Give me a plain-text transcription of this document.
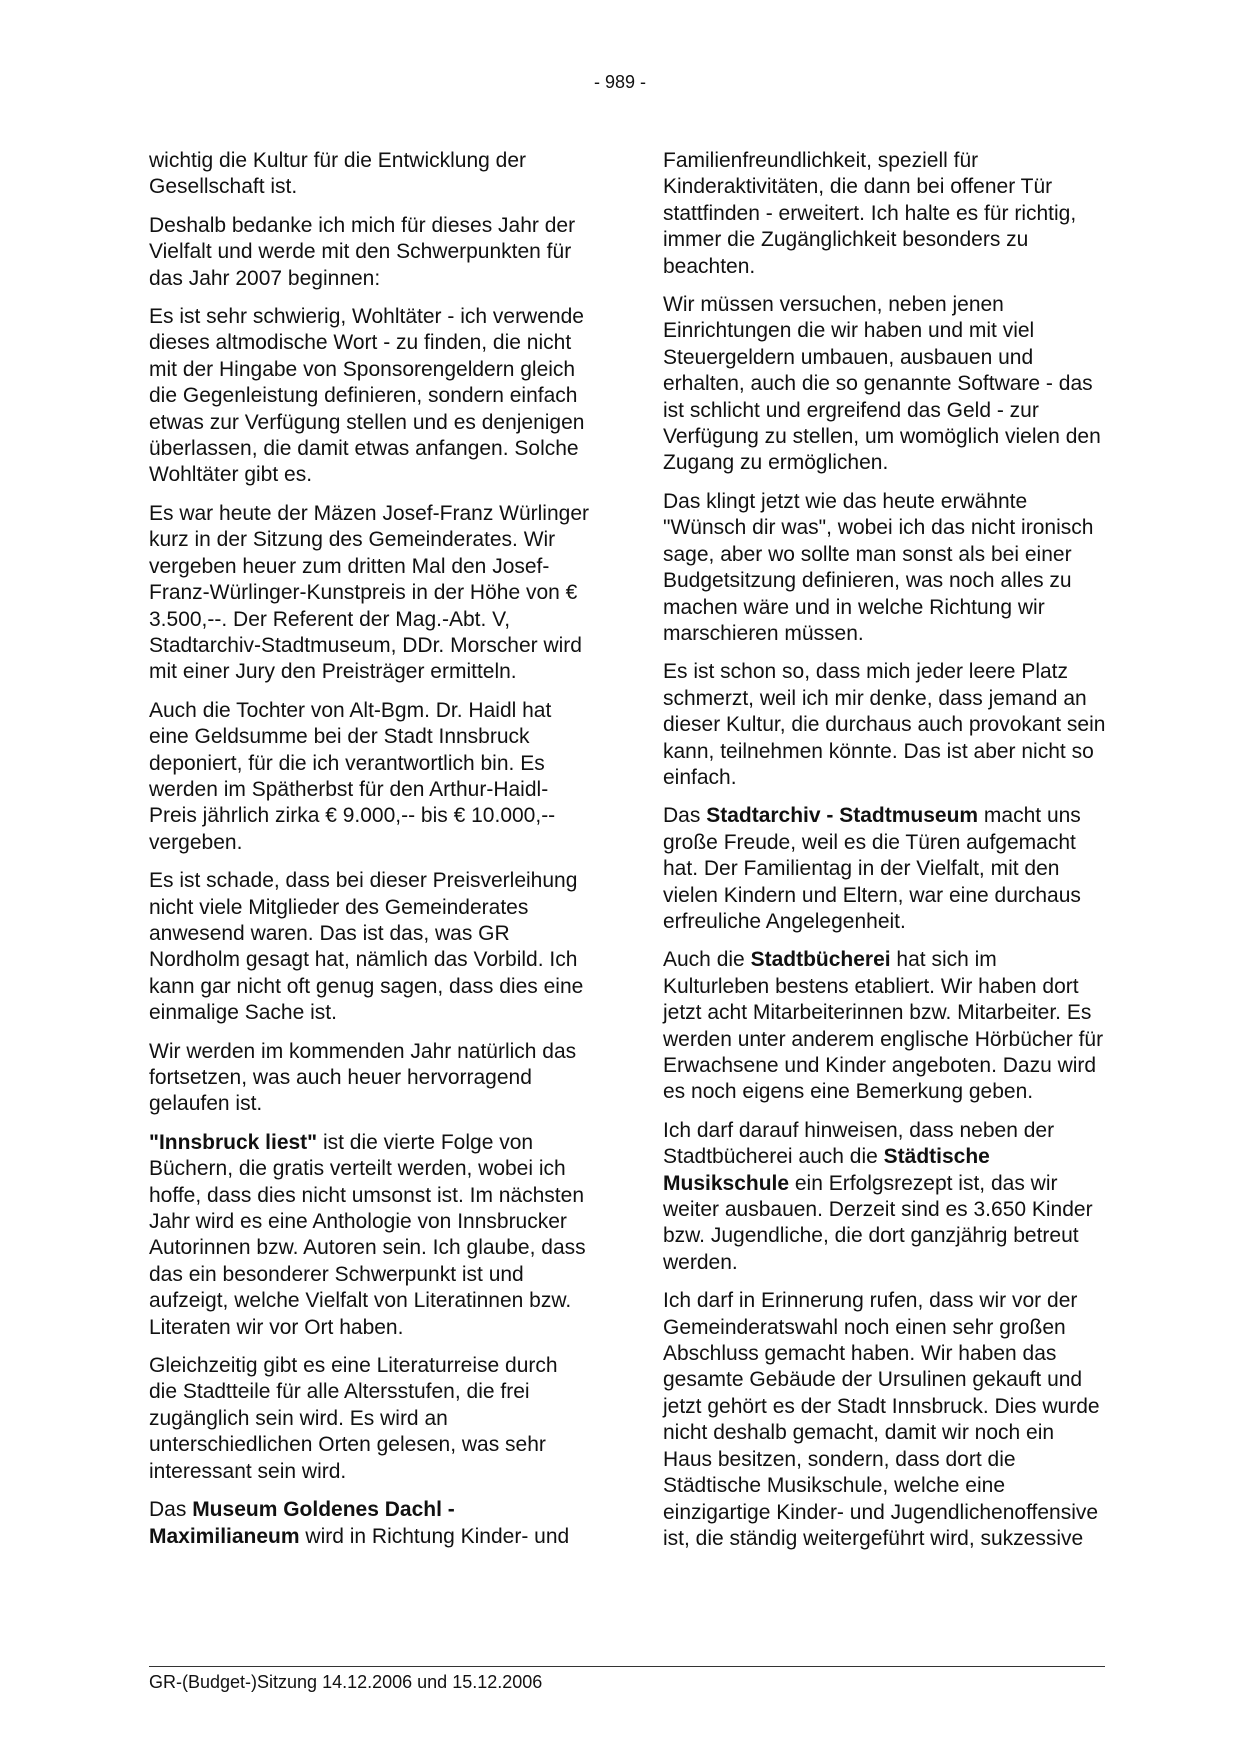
- 989 -

wichtig die Kultur für die Entwicklung der Gesellschaft ist.

Deshalb bedanke ich mich für dieses Jahr der Vielfalt und werde mit den Schwerpunkten für das Jahr 2007 beginnen:

Es ist sehr schwierig, Wohltäter - ich verwende dieses altmodische Wort - zu finden, die nicht mit der Hingabe von Sponsorengeldern gleich die Gegenleistung definieren, sondern einfach etwas zur Verfügung stellen und es denjenigen überlassen, die damit etwas anfangen. Solche Wohltäter gibt es.

Es war heute der Mäzen Josef-Franz Würlinger kurz in der Sitzung des Gemeinderates. Wir vergeben heuer zum dritten Mal den Josef-Franz-Würlinger-Kunstpreis in der Höhe von € 3.500,--. Der Referent der Mag.-Abt. V, Stadtarchiv-Stadtmuseum, DDr. Morscher wird mit einer Jury den Preisträger ermitteln.

Auch die Tochter von Alt-Bgm. Dr. Haidl hat eine Geldsumme bei der Stadt Innsbruck deponiert, für die ich verantwortlich bin. Es werden im Spätherbst für den Arthur-Haidl-Preis jährlich zirka € 9.000,-- bis € 10.000,-- vergeben.

Es ist schade, dass bei dieser Preisverleihung nicht viele Mitglieder des Gemeinderates anwesend waren. Das ist das, was GR Nordholm gesagt hat, nämlich das Vorbild. Ich kann gar nicht oft genug sagen, dass dies eine einmalige Sache ist.

Wir werden im kommenden Jahr natürlich das fortsetzen, was auch heuer hervorragend gelaufen ist.

"Innsbruck liest" ist die vierte Folge von Büchern, die gratis verteilt werden, wobei ich hoffe, dass dies nicht umsonst ist. Im nächsten Jahr wird es eine Anthologie von Innsbrucker Autorinnen bzw. Autoren sein. Ich glaube, dass das ein besonderer Schwerpunkt ist und aufzeigt, welche Vielfalt von Literatinnen bzw. Literaten wir vor Ort haben.

Gleichzeitig gibt es eine Literaturreise durch die Stadtteile für alle Altersstufen, die frei zugänglich sein wird. Es wird an unterschiedlichen Orten gelesen, was sehr interessant sein wird.

Das Museum Goldenes Dachl - Maximilianeum wird in Richtung Kinder- und

Familienfreundlichkeit, speziell für Kinderaktivitäten, die dann bei offener Tür stattfinden - erweitert. Ich halte es für richtig, immer die Zugänglichkeit besonders zu beachten.

Wir müssen versuchen, neben jenen Einrichtungen die wir haben und mit viel Steuergeldern umbauen, ausbauen und erhalten, auch die so genannte Software - das ist schlicht und ergreifend das Geld - zur Verfügung zu stellen, um womöglich vielen den Zugang zu ermöglichen.

Das klingt jetzt wie das heute erwähnte "Wünsch dir was", wobei ich das nicht ironisch sage, aber wo sollte man sonst als bei einer Budgetsitzung definieren, was noch alles zu machen wäre und in welche Richtung wir marschieren müssen.

Es ist schon so, dass mich jeder leere Platz schmerzt, weil ich mir denke, dass jemand an dieser Kultur, die durchaus auch provokant sein kann, teilnehmen könnte. Das ist aber nicht so einfach.

Das Stadtarchiv - Stadtmuseum macht uns große Freude, weil es die Türen aufgemacht hat. Der Familientag in der Vielfalt, mit den vielen Kindern und Eltern, war eine durchaus erfreuliche Angelegenheit.

Auch die Stadtbücherei hat sich im Kulturleben bestens etabliert. Wir haben dort jetzt acht Mitarbeiterinnen bzw. Mitarbeiter. Es werden unter anderem englische Hörbücher für Erwachsene und Kinder angeboten. Dazu wird es noch eigens eine Bemerkung geben.

Ich darf darauf hinweisen, dass neben der Stadtbücherei auch die Städtische Musikschule ein Erfolgsrezept ist, das wir weiter ausbauen. Derzeit sind es 3.650 Kinder bzw. Jugendliche, die dort ganzjährig betreut werden.

Ich darf in Erinnerung rufen, dass wir vor der Gemeinderatswahl noch einen sehr großen Abschluss gemacht haben. Wir haben das gesamte Gebäude der Ursulinen gekauft und jetzt gehört es der Stadt Innsbruck. Dies wurde nicht deshalb gemacht, damit wir noch ein Haus besitzen, sondern, dass dort die Städtische Musikschule, welche eine einzigartige Kinder- und Jugendlichenoffensive ist, die ständig weitergeführt wird, sukzessive

GR-(Budget-)Sitzung 14.12.2006 und 15.12.2006
